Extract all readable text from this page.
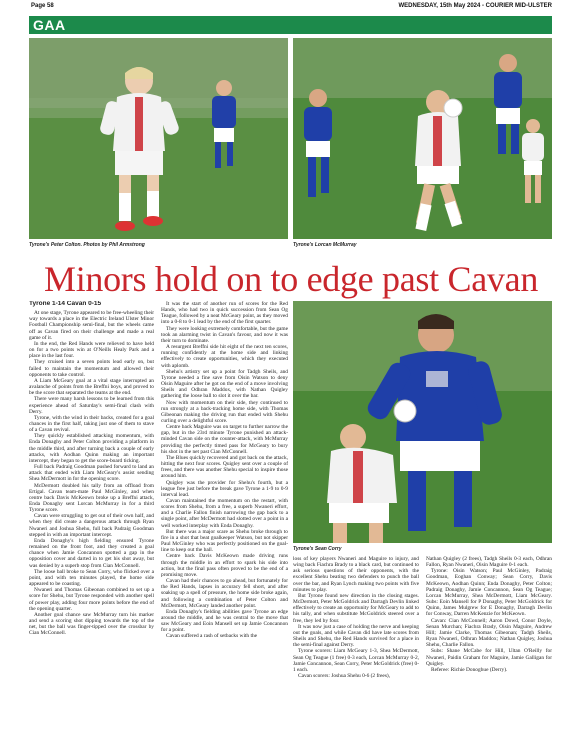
Page 58	WEDNESDAY, 15th May 2024 - COURIER MID-ULSTER
GAA
Tyrone's Peter Colton. Photos by Phil Armstrong	Tyrone's Lorcan McMurray
Minors hold on to edge past Cavan
Tyrone 1-14 Cavan 0-15

At one stage, Tyrone appeared to be free-wheeling their way towards a place in the Electric Ireland Ulster Minor Football Championship semi-final, but the wheels came off as Cavan fired on their challenge and made a real game of it.

In the end, the Red Hands were relieved to have held on for a two points win at O'Neills Healy Park and a place in the last four.

They cruised into a seven points lead early on, but failed to maintain the momentum and allowed their opponents to take control.

A Liam McGeary goal at a vital stage interrupted an avalanche of points from the Breffni boys, and proved to be the score that separated the teams at the end.

There were many harsh lessons to be learned from this experience ahead of Saturday's semi-final clash with Derry.

Tyrone, with the wind in their backs, created for a goal chances in the first half, taking just one of them to stave of a Cavan revival.

They quickly established attacking momentum, with Enda Donaghy and Peter Colton providing a platform in the middle third, and after turning back a couple of early attacks, with Aodhan Quinn making an important intercept, they began to get the score-board ticking.

Full back Padraig Goodman pushed forward to land an attack that ended with Liam McGeary's assist sending Shea McDermott in for the opening score.

McDermott doubled his tally from an offload from Ertigal. Cavan team-mate Paul McGinley, and when centre back Davis McKeown broke up a Breffni attack, Enda Donaghy sent Lorcan McMurray in for a third Tyrone score.

Cavan were struggling to get out of their own half, and when they did create a dangerous attack through Ryan Nwaneri and Joshua Shehu, full back Padraig Goodman stepped in with an important intercept.

Enda Donaghy's high fielding ensured Tyrone remained on the front foot, and they created a goal chance when Jamie Concannon spotted a gap in the opposition cover and darted in to get his shot away, but was denied by a superb stop from Cian McConnell.

The loose ball broke to Sean Corry, who flicked over a point, and with ten minutes played, the home side appeared to be coasting.

Nwaneri and Thomas Gibeonan combined to set up a score for Shehu, but Tyrone responded with another spell of power play, adding four more points before the end of the opening quarter.

Another goal chance saw McMurray turn his marker and send a scoring shot dipping towards the top of the net, but the ball was finger-tipped over the crossbar by Cian McConnell.

It was the start of another run of scores for the Red Hands, who had two in quick succession from Sean Og Teague, followed by a neat McGeary point, as they moved into a 0-8 to 0-1 lead by the end of the first quarter.

They were looking extremely comfortable, but the game took an alarming twist in Cavan's favour, and now it was their turn to dominate.

A resurgent Breffni side hit eight of the next ten scores, running confidently at the home side and linking effectively to create opportunities, which they executed with aplomb.

Shehu's artistry set up a point for Tadgh Sheils, and Tyrone needed a fine save from Oisin Watson to deny Oisin Maguire after he got on the end of a move involving Sheils and Odhran Maddox, with Nathan Quigley gathering the loose ball to slot it over the bar.

Now with momentum on their side, they continued to run strongly at a back-tracking home side, with Thomas Gibeonan making the driving run that ended with Shehu curling over a delightful score.

Centre back Maguire was on target to further narrow the gap, but in the 23rd minute Tyrone punished an attack-minded Cavan side on the counter-attack, with McMurray providing the perfectly timed pass for McGeary to bury his shot in the net past Cian McConnell.

The Blues quickly recovered and got back on the attack, hitting the next four scores. Quigley sent over a couple of frees, and there was another Shehu special to inspire those around him.

Quigley was the provider for Shehu's fourth, but a league free just before the break gave Tyrone a 1-9 to 0-9 interval lead.

Cavan maintained the momentum on the restart, with scores from Shehu, from a free, a superb Nwaneri effort, and a Charlie Fallon finish narrowing the gap back to a single point, after McDermott had slotted over a point in a well worked interplay with Enda Donaghy.

But there was a major scare as Shehu broke through to fire in a shot that beat goalkeeper Watson, but not skipper Paul McGinley who was perfectly positioned on the goal-line to keep out the ball.

Centre back Davis McKeown made driving runs through the middle in an effort to spark his side into action, but the final pass often proved to be the end of a promising move.

Cavan had their chances to go ahead, but fortunately for the Red Hands, lapses in accuracy fell short, and after soaking up a spell of pressure, the home side broke again, and following a combination of Peter Colton and McDermott, McGeary landed another point.

Enda Donaghy's fielding abilities gave Tyrone an edge around the middle, and he was central to the move that saw McGeary and Eoin Mansell set up Jamie Concannon for a point.

Cavan suffered a rash of setbacks with the

Tyrone's Sean Corry

loss of key players Nwaneri and Maguire to injury, and wing back Fiachra Brady to a black card, but continued to ask serious questions of their opponents, with the excellent Shehu beating two defenders to punch the ball over the bar, and Ryan Lynch making two points with five minutes to play.

But Tyrone found new direction in the closing stages. McDermott, Peter McGoldrick and Darragh Devlin linked effectively to create an opportunity for McGeary to add to his tally, and when substitute McGoldrick steered over a free, they led by four.

It was now just a case of holding the nerve and keeping out the goals, and while Cavan did have late scores from Sheils and Shehu, the Red Hands survived for a place in the semi-final against Derry.

Tyrone scorers: Liam McGeary 1-3, Shea McDermott, Sean Og Teague (1 free) 0-3 each, Lorcan McMurray 0-2, Jamie Concannon, Sean Corry, Peter McGoldrick (free) 0-1 each.

Cavan scorers: Joshua Shehu 0-6 (2 frees),

Nathan Quigley (2 frees), Tadgh Sheils 0-3 each, Odhran Fallon, Ryan Nwaneri, Oisin Maguire 0-1 each.

Tyrone: Oisin Watson; Paul McGinley, Padraig Goodman, Eoghan Conway; Sean Corry, Davis McKeown, Aodhan Quinn; Enda Donaghy, Peter Colton; Padraig Donaghy, Jamie Concannon, Sean Og Teague; Lorcan McMurray, Shea McDermott, Liam McGeary. Subs: Eoin Mansell for P Donaghy, Peter McGoldrick for Quinn, James Mulgrew for E Donaghy, Darragh Devlin for Conway, Darren McKenzie for McKeown.

Cavan: Cian McConnell; Aaron Dowd, Conor Doyle, Senan Murchan; Fiachra Brady, Oisin Maguire, Andrew Hill; Jamie Clarke, Thomas Gibeonan; Tadgh Sheils, Ryan Nwaneri, Odhran Maddox; Nathan Quigley, Joshua Shehu, Charlie Fallon.

Subs: Shane McCabe for Hill, Ultan O'Reilly for Nwaneri, Paidin Graham for Maguire, Jamie Galligan for Quigley.

Referee: Richie Donoghue (Derry).
